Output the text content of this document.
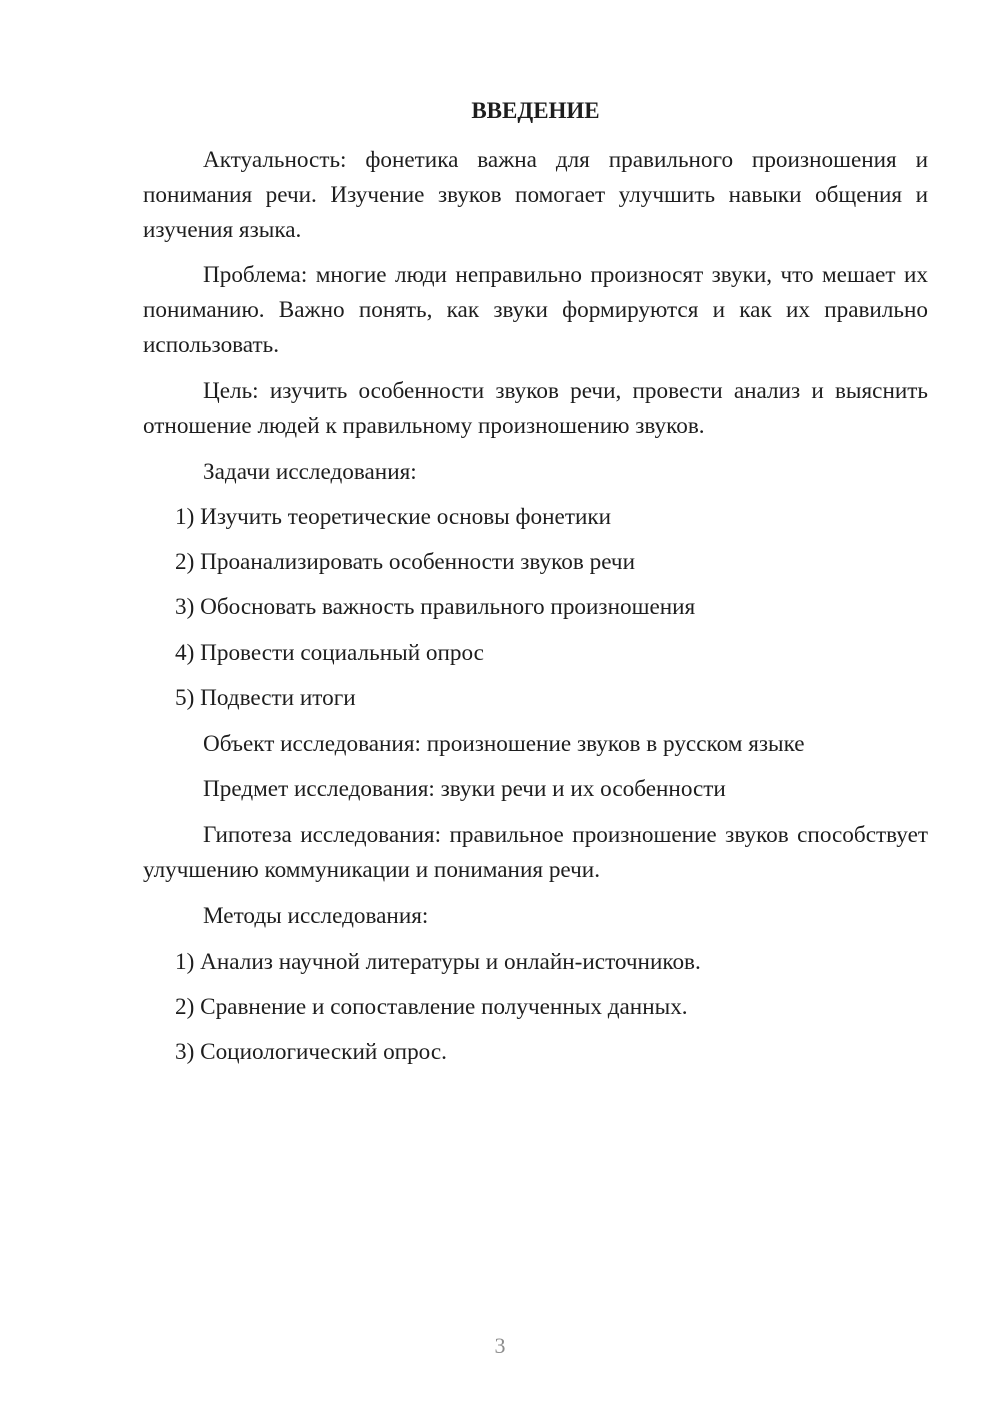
ВВЕДЕНИЕ

Актуальность: фонетика важна для правильного произношения и понимания речи. Изучение звуков помогает улучшить навыки общения и изучения языка.

Проблема: многие люди неправильно произносят звуки, что мешает их пониманию. Важно понять, как звуки формируются и как их правильно использовать.

Цель: изучить особенности звуков речи, провести анализ и выяснить отношение людей к правильному произношению звуков.

Задачи исследования:

1) Изучить теоретические основы фонетики

2) Проанализировать особенности звуков речи

3) Обосновать важность правильного произношения

4) Провести социальный опрос

5) Подвести итоги

Объект исследования: произношение звуков в русском языке

Предмет исследования: звуки речи и их особенности

Гипотеза исследования: правильное произношение звуков способствует улучшению коммуникации и понимания речи.

Методы исследования:

1) Анализ научной литературы и онлайн-источников.

2) Сравнение и сопоставление полученных данных.

3) Социологический опрос.

3
